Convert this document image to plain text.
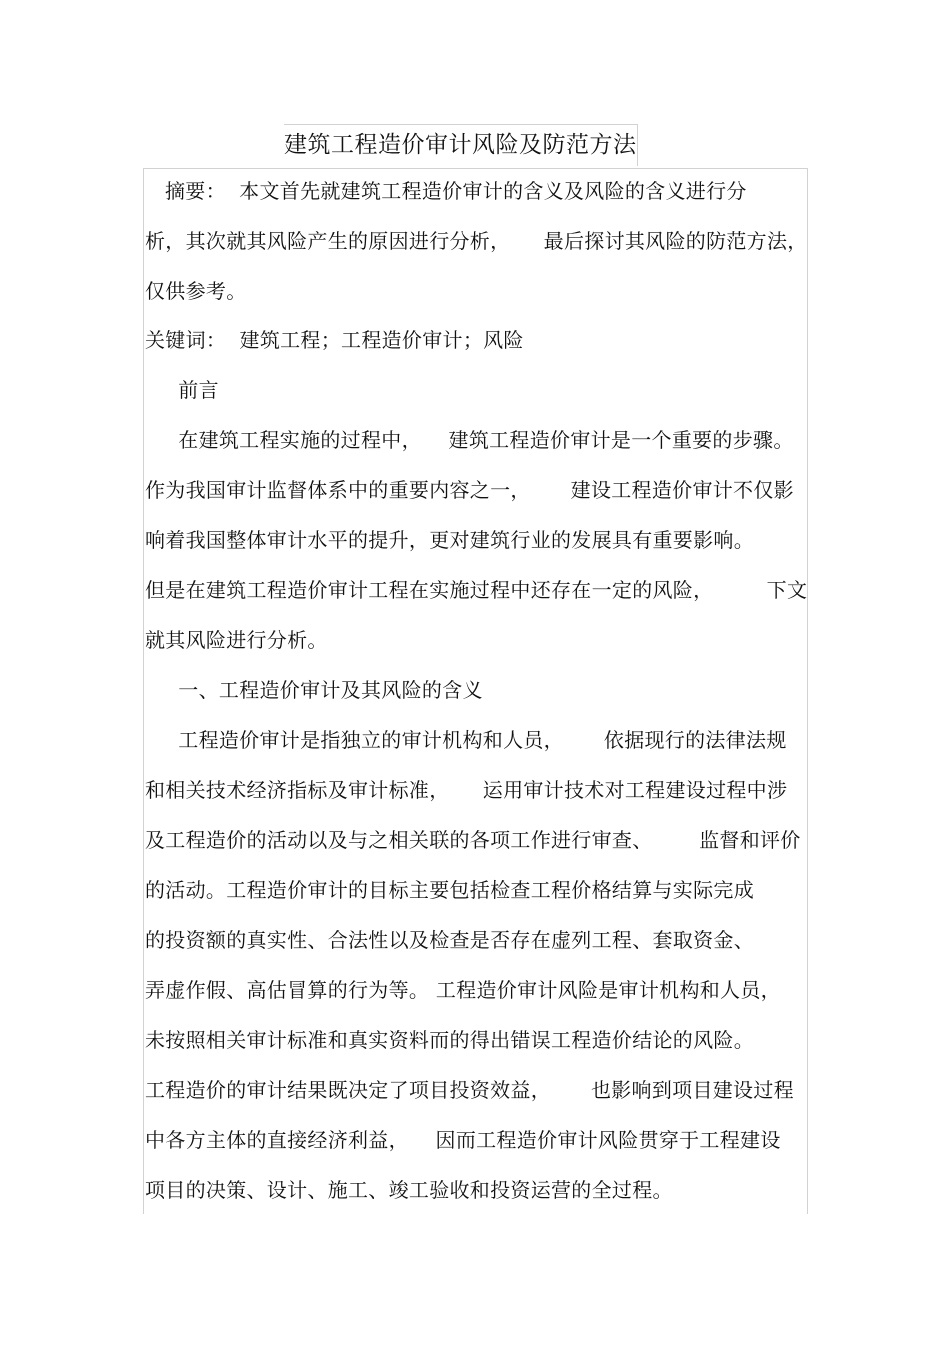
建筑工程造价审计风险及防范方法
摘要：  本文首先就建筑工程造价审计的含义及风险的含义进行分
析，其次就其风险产生的原因进行分析，     最后探讨其风险的防范方法，
仅供参考。
关键词：  建筑工程；工程造价审计；风险
前言
在建筑工程实施的过程中，    建筑工程造价审计是一个重要的步骤。
作为我国审计监督体系中的重要内容之一，      建设工程造价审计不仅影
响着我国整体审计水平的提升，更对建筑行业的发展具有重要影响。
但是在建筑工程造价审计工程在实施过程中还存在一定的风险，        下文
就其风险进行分析。
一、工程造价审计及其风险的含义
工程造价审计是指独立的审计机构和人员，      依据现行的法律法规
和相关技术经济指标及审计标准，     运用审计技术对工程建设过程中涉
及工程造价的活动以及与之相关联的各项工作进行审查、       监督和评价
的活动。工程造价审计的目标主要包括检查工程价格结算与实际完成
的投资额的真实性、合法性以及检查是否存在虚列工程、套取资金、
弄虚作假、高估冒算的行为等。 工程造价审计风险是审计机构和人员，
未按照相关审计标准和真实资料而的得出错误工程造价结论的风险。
工程造价的审计结果既决定了项目投资效益，      也影响到项目建设过程
中各方主体的直接经济利益，    因而工程造价审计风险贯穿于工程建设
项目的决策、设计、施工、竣工验收和投资运营的全过程。
